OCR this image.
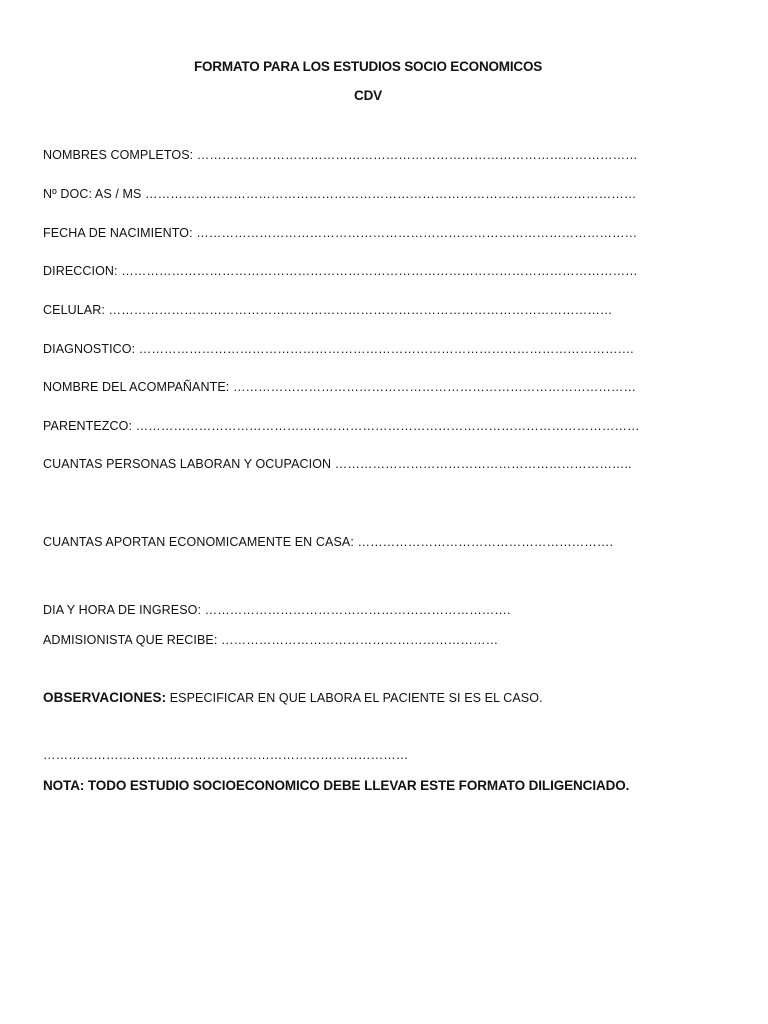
FORMATO PARA LOS ESTUDIOS SOCIO ECONOMICOS
CDV
NOMBRES COMPLETOS: ……………………………………………………………………………………………
Nº DOC: AS / MS ………………………………………………………………………………………………………
FECHA DE NACIMIENTO: ……………………………………………………………………………………………
DIRECCION: ……………………………………………………………………………………………………………
CELULAR: …………………………………………………………………………………………………………
DIAGNOSTICO: ……………………………………………………………………………………………………….
NOMBRE DEL ACOMPAÑANTE: ……………………………………………………………………………………
PARENTEZCO: …………………………………………………………………………………………………………
CUANTAS PERSONAS LABORAN Y OCUPACION ……………………………………………………………..
CUANTAS APORTAN ECONOMICAMENTE EN CASA: …………………………………………………….
DIA Y HORA DE INGRESO: ……………………………………………………………….
ADMISIONISTA QUE RECIBE: …………………………………………………………
OBSERVACIONES: ESPECIFICAR EN QUE LABORA EL PACIENTE SI ES EL CASO.
……………………………………………………………………………
NOTA: TODO ESTUDIO SOCIOECONOMICO DEBE LLEVAR ESTE FORMATO DILIGENCIADO.
